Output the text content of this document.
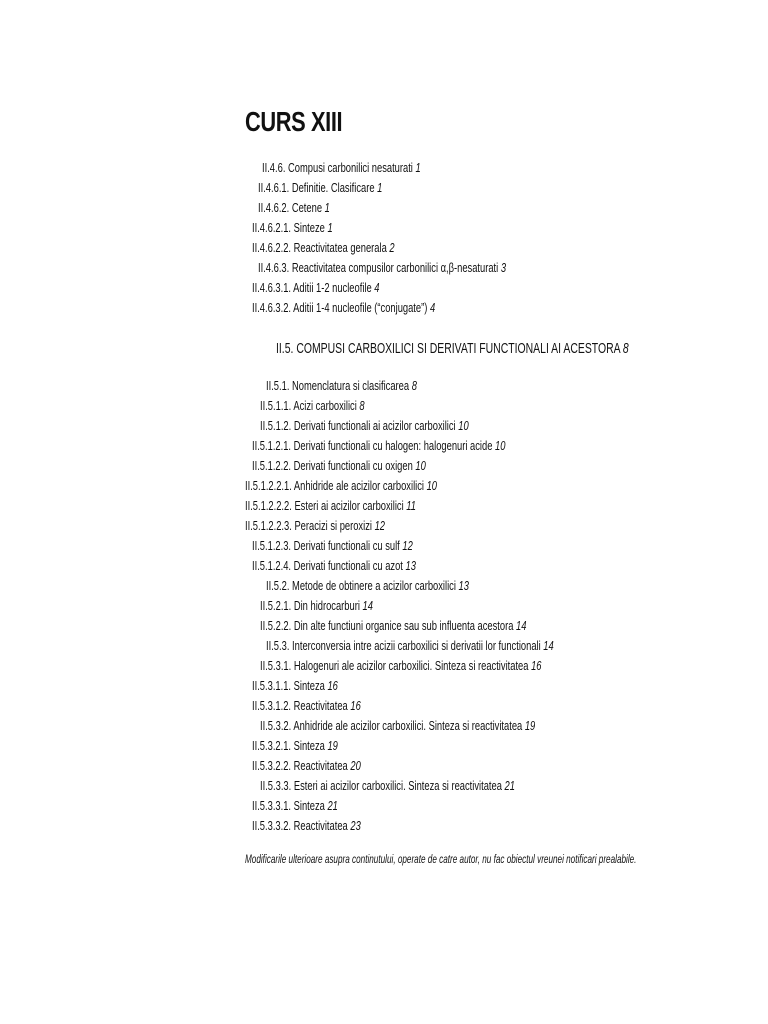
CURS XIII
II.4.6. Compusi carbonilici nesaturati 1
II.4.6.1. Definitie. Clasificare 1
II.4.6.2. Cetene 1
II.4.6.2.1. Sinteze 1
II.4.6.2.2. Reactivitatea generala 2
II.4.6.3. Reactivitatea compusilor carbonilici α,β-nesaturati 3
II.4.6.3.1. Aditii 1-2 nucleofile 4
II.4.6.3.2. Aditii 1-4 nucleofile (“conjugate”) 4
II.5. COMPUSI CARBOXILICI SI DERIVATI FUNCTIONALI AI ACESTORA 8
II.5.1. Nomenclatura si clasificarea 8
II.5.1.1. Acizi carboxilici 8
II.5.1.2. Derivati functionali ai acizilor carboxilici 10
II.5.1.2.1. Derivati functionali cu halogen: halogenuri acide 10
II.5.1.2.2. Derivati functionali cu oxigen 10
II.5.1.2.2.1. Anhidride ale acizilor carboxilici 10
II.5.1.2.2.2. Esteri ai acizilor carboxilici 11
II.5.1.2.2.3. Peracizi si peroxizi 12
II.5.1.2.3. Derivati functionali cu sulf 12
II.5.1.2.4. Derivati functionali cu azot 13
II.5.2. Metode de obtinere a acizilor carboxilici 13
II.5.2.1. Din hidrocarburi 14
II.5.2.2. Din alte functiuni organice sau sub influenta acestora 14
II.5.3. Interconversia intre acizii carboxilici si derivatii lor functionali 14
II.5.3.1. Halogenuri ale acizilor carboxilici. Sinteza si reactivitatea 16
II.5.3.1.1. Sinteza 16
II.5.3.1.2. Reactivitatea 16
II.5.3.2. Anhidride ale acizilor carboxilici. Sinteza si reactivitatea 19
II.5.3.2.1. Sinteza 19
II.5.3.2.2. Reactivitatea 20
II.5.3.3. Esteri ai acizilor carboxilici. Sinteza si reactivitatea 21
II.5.3.3.1. Sinteza 21
II.5.3.3.2. Reactivitatea 23
Modificarile ulterioare asupra continutului, operate de catre autor, nu fac obiectul vreunei notificari prealabile.
